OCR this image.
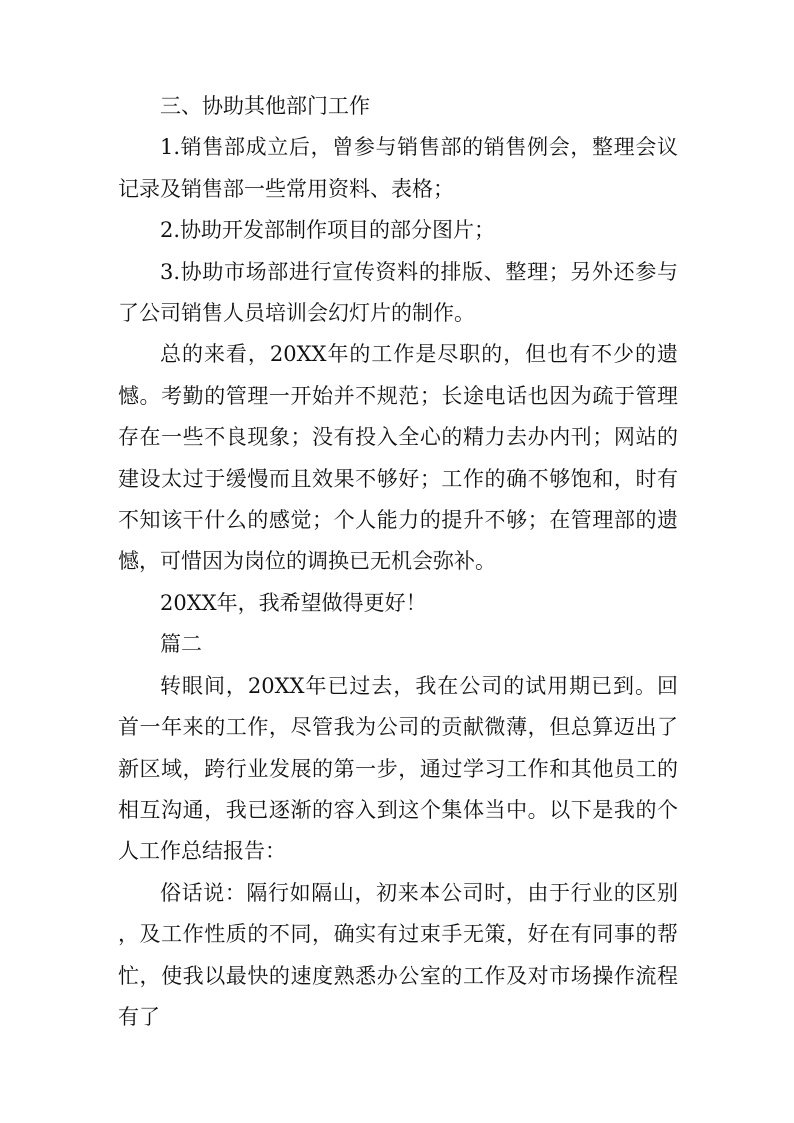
三、协助其他部门工作

1.销售部成立后，曾参与销售部的销售例会，整理会议记录及销售部一些常用资料、表格；

2.协助开发部制作项目的部分图片；

3.协助市场部进行宣传资料的排版、整理；另外还参与了公司销售人员培训会幻灯片的制作。

总的来看，20XX年的工作是尽职的，但也有不少的遗憾。考勤的管理一开始并不规范；长途电话也因为疏于管理存在一些不良现象；没有投入全心的精力去办内刊；网站的建设太过于缓慢而且效果不够好；工作的确不够饱和，时有不知该干什么的感觉；个人能力的提升不够；在管理部的遗憾，可惜因为岗位的调换已无机会弥补。

20XX年，我希望做得更好！

篇二

转眼间，20XX年已过去，我在公司的试用期已到。回首一年来的工作，尽管我为公司的贡献微薄，但总算迈出了新区域，跨行业发展的第一步，通过学习工作和其他员工的相互沟通，我已逐渐的容入到这个集体当中。以下是我的个人工作总结报告：

俗话说：隔行如隔山，初来本公司时，由于行业的区别，及工作性质的不同，确实有过束手无策，好在有同事的帮忙，使我以最快的速度熟悉办公室的工作及对市场操作流程有了
